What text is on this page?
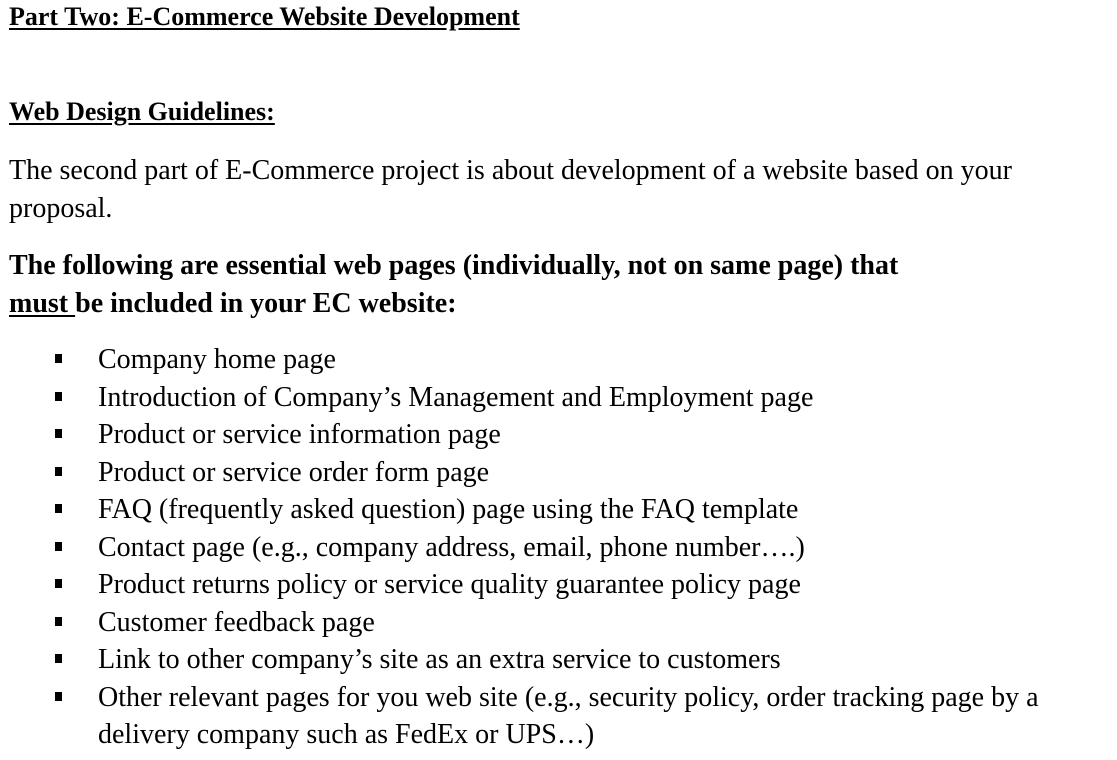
Part Two: E-Commerce Website Development
Web Design Guidelines:

The second part of E-Commerce project is about development of a website based on your proposal.

The following are essential web pages (individually, not on same page) that
must be included in your EC website:

Company home page
Introduction of Company’s Management and Employment page
Product or service information page
Product or service order form page
FAQ (frequently asked question) page using the FAQ template
Contact page (e.g., company address, email, phone number….)
Product returns policy or service quality guarantee policy page
Customer feedback page
Link to other company’s site as an extra service to customers
Other relevant pages for you web site (e.g., security policy, order tracking page by a delivery company such as FedEx or UPS…)
